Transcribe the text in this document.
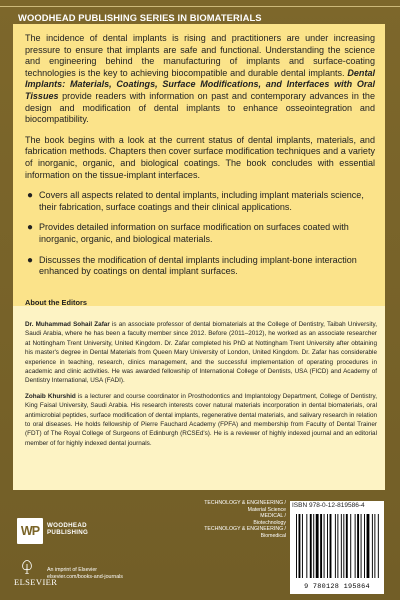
WOODHEAD PUBLISHING SERIES IN BIOMATERIALS

The incidence of dental implants is rising and practitioners are under increasing pressure to ensure that implants are safe and functional. Understanding the science and engineering behind the manufacturing of implants and surface-coating technologies is the key to achieving biocompatible and durable dental implants. Dental Implants: Materials, Coatings, Surface Modifications, and Interfaces with Oral Tissues provide readers with information on past and contemporary advances in the design and modification of dental implants to enhance osseointegration and biocompatibility.

The book begins with a look at the current status of dental implants, materials, and fabrication methods. Chapters then cover surface modification techniques and a variety of inorganic, organic, and biological coatings. The book concludes with essential information on the tissue-implant interfaces.

● Covers all aspects related to dental implants, including implant materials science, their fabrication, surface coatings and their clinical applications.
● Provides detailed information on surface modification on surfaces coated with inorganic, organic, and biological materials.
● Discusses the modification of dental implants including implant-bone interaction enhanced by coatings on dental implant surfaces.
About the Editors

Dr. Muhammad Sohail Zafar is an associate professor of dental biomaterials at the College of Dentistry, Taibah University, Saudi Arabia, where he has been a faculty member since 2012. Before (2011–2012), he worked as an associate researcher at Nottingham Trent University, United Kingdom. Dr. Zafar completed his PhD at Nottingham Trent University after obtaining his master's degree in Dental Materials from Queen Mary University of London, United Kingdom. Dr. Zafar has considerable experience in teaching, research, clinics management, and the successful implementation of operating procedures in academic and clinic activities. He was awarded fellowship of International College of Dentists, USA (FICD) and Academy of Dentistry International, USA (FADI).

Zohaib Khurshid is a lecturer and course coordinator in Prosthodontics and Implantology Department, College of Dentistry, King Faisal University, Saudi Arabia. His research interests cover natural materials incorporation in dental biomaterials, oral antimicrobial peptides, surface modification of dental implants, regenerative dental materials, and salivary research in relation to oral diseases. He holds fellowship of Pierre Fauchard Academy (FPFA) and membership from Faculty of Dental Trainer (FDT) of The Royal College of Surgeons of Edinburgh (RCSEd's). He is a reviewer of highly indexed journal and an editorial member of for highly indexed dental journals.

WP	WOODHEAD
PUBLISHING
ELSEVIER
An imprint of Elsevier
elsevier.com/books-and-journals
TECHNOLOGY & ENGINEERING /
Material Science
MEDICAL /
Biotechnology
TECHNOLOGY & ENGINEERING /
Biomedical
ISBN 978-0-12-819586-4
9 780128 195864
